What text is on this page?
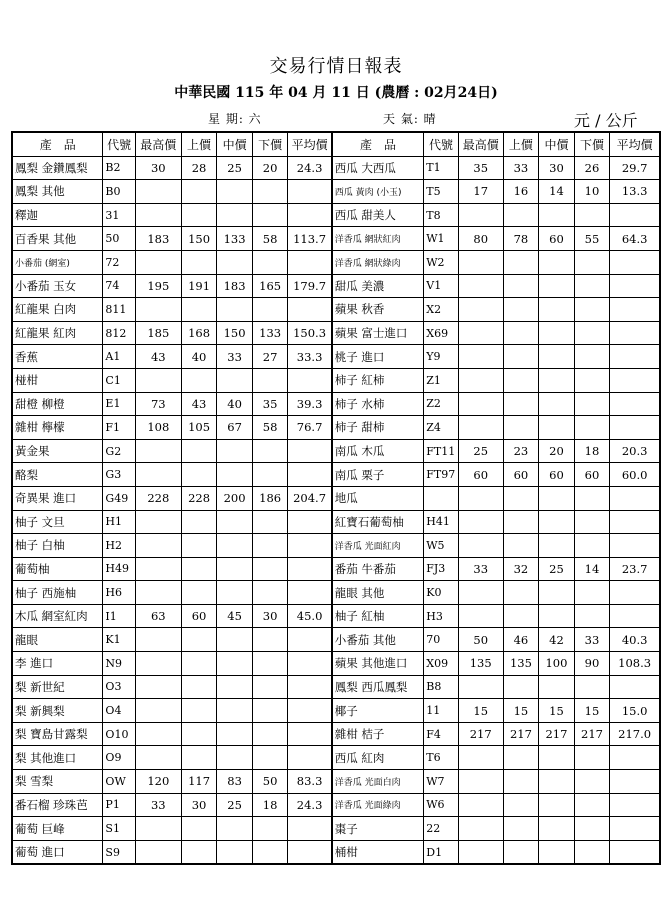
交易行情日報表
中華民國 115 年 04 月 11 日 (農曆 : 02月24日)
星 期: 六	天 氣: 晴	元 / 公斤
產　品	代號	最高價	上價	中價	下價	平均價	產　品	代號	最高價	上價	中價	下價	平均價
鳳梨 金鑽鳳梨	B2	30	28	25	20	24.3	西瓜 大西瓜	T1	35	33	30	26	29.7
鳳梨 其他	B0						西瓜 黃肉 (小玉)	T5	17	16	14	10	13.3
釋迦	31						西瓜 甜美人	T8					
百香果 其他	50	183	150	133	58	113.7	洋香瓜 網狀紅肉	W1	80	78	60	55	64.3
小番茄 (網室)	72						洋香瓜 網狀綠肉	W2					
小番茄 玉女	74	195	191	183	165	179.7	甜瓜 美濃	V1					
紅龍果 白肉	811						蘋果 秋香	X2					
紅龍果 紅肉	812	185	168	150	133	150.3	蘋果 富士進口	X69					
香蕉	A1	43	40	33	27	33.3	桃子 進口	Y9					
椪柑	C1						柿子 紅柿	Z1					
甜橙 柳橙	E1	73	43	40	35	39.3	柿子 水柿	Z2					
雜柑 檸檬	F1	108	105	67	58	76.7	柿子 甜柿	Z4					
黃金果	G2						南瓜 木瓜	FT11	25	23	20	18	20.3
酪梨	G3						南瓜 栗子	FT97	60	60	60	60	60.0
奇異果 進口	G49	228	228	200	186	204.7	地瓜						
柚子 文旦	H1						紅寶石葡萄柚	H41					
柚子 白柚	H2						洋香瓜 光面紅肉	W5					
葡萄柚	H49						番茄 牛番茄	FJ3	33	32	25	14	23.7
柚子 西施柚	H6						龍眼 其他	K0					
木瓜 網室紅肉	I1	63	60	45	30	45.0	柚子 紅柚	H3					
龍眼	K1						小番茄 其他	70	50	46	42	33	40.3
李 進口	N9						蘋果 其他進口	X09	135	135	100	90	108.3
梨 新世紀	O3						鳳梨 西瓜鳳梨	B8					
梨 新興梨	O4						椰子	11	15	15	15	15	15.0
梨 寶島甘露梨	O10						雜柑 桔子	F4	217	217	217	217	217.0
梨 其他進口	O9						西瓜 紅肉	T6					
梨 雪梨	OW	120	117	83	50	83.3	洋香瓜 光面白肉	W7					
番石榴 珍珠芭	P1	33	30	25	18	24.3	洋香瓜 光面綠肉	W6					
葡萄 巨峰	S1						棗子	22					
葡萄 進口	S9						桶柑	D1					
